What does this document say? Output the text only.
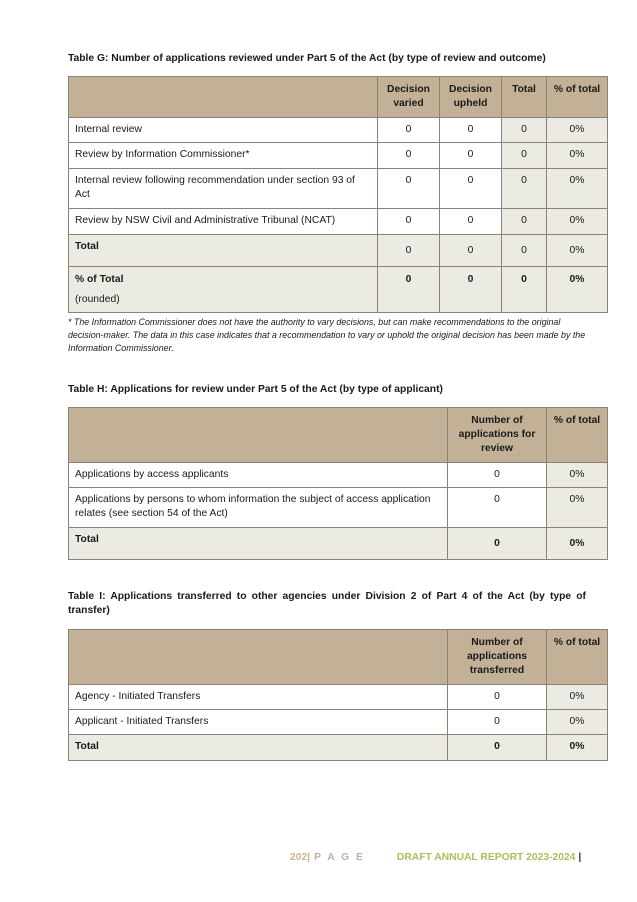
Table G: Number of applications reviewed under Part 5 of the Act (by type of review and outcome)
	Decision varied	Decision upheld	Total	% of total
Internal review	0	0	0	0%
Review by Information Commissioner*	0	0	0	0%
Internal review following recommendation under section 93 of Act	0	0	0	0%
Review by NSW Civil and Administrative Tribunal (NCAT)	0	0	0	0%
Total	0	0	0	0%

% of Total
(rounded)	0	0	0	0%
* The Information Commissioner does not have the authority to vary decisions, but can make recommendations to the original decision-maker. The data in this case indicates that a recommendation to vary or uphold the original decision has been made by the Information Commissioner.
Table H: Applications for review under Part 5 of the Act (by type of applicant)
	Number of applications for review	% of total
Applications by access applicants	0	0%
Applications by persons to whom information the subject of access application relates (see section 54 of the Act)	0	0%
Total	0	0%
Table I: Applications transferred to other agencies under Division 2 of Part 4 of the Act (by type of transfer)
	Number of applications transferred	% of total
Agency - Initiated Transfers	0	0%
Applicant - Initiated Transfers	0	0%
Total	0	0%
202| P A G E	DRAFT ANNUAL REPORT 2023-2024 |
